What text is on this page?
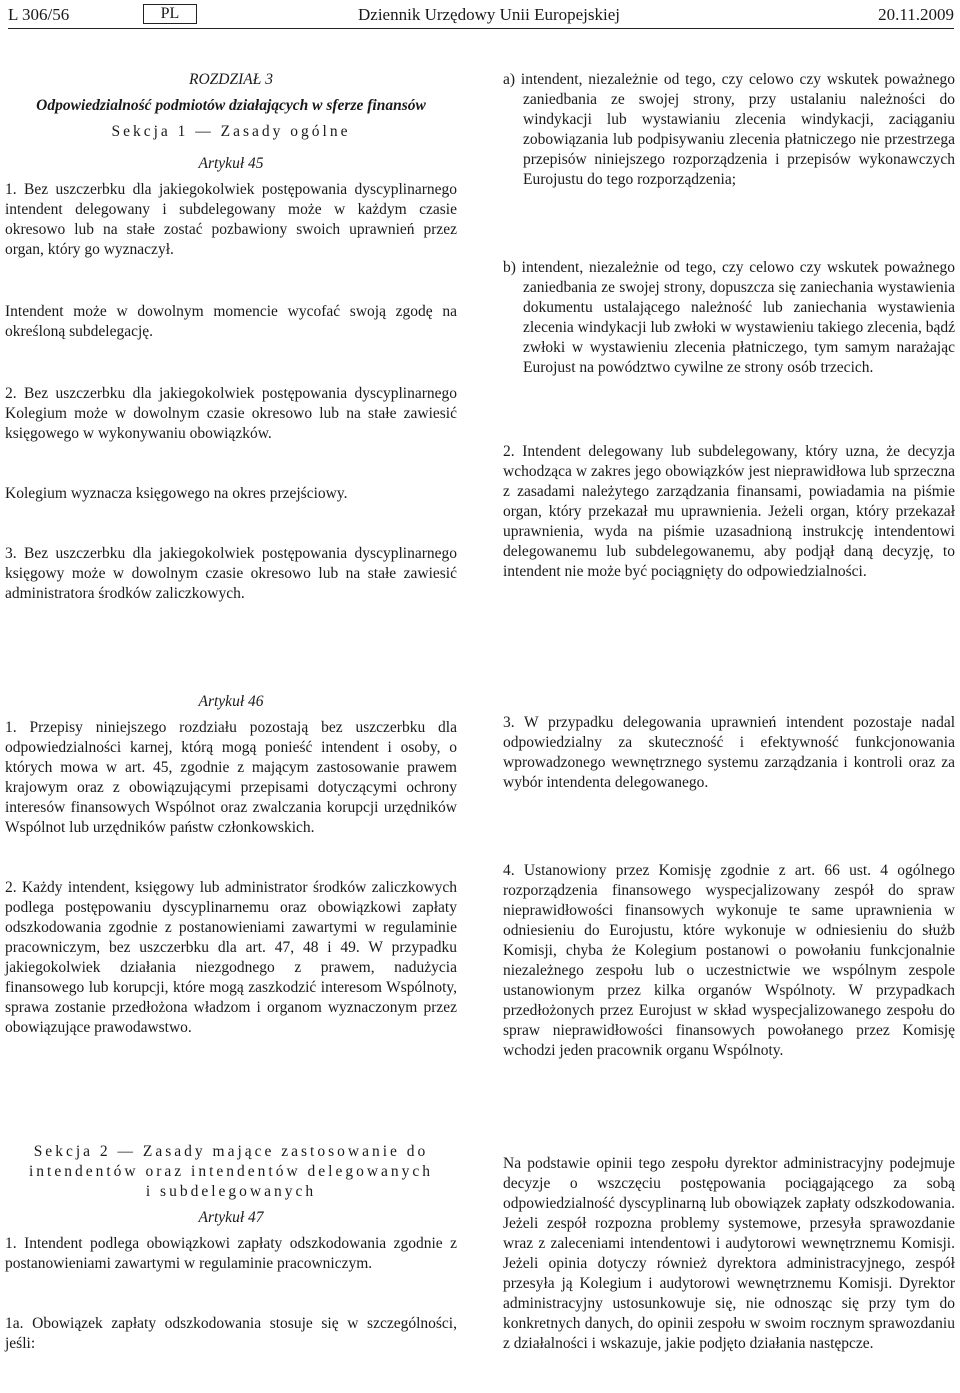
L 306/56	PL	Dziennik Urzędowy Unii Europejskiej	20.11.2009

ROZDZIAŁ 3

Odpowiedzialność podmiotów działających w sferze finansów

Sekcja 1 — Zasady ogólne

Artykuł 45

1. Bez uszczerbku dla jakiegokolwiek postępowania dyscyplinarnego intendent delegowany i subdelegowany może w każdym czasie okresowo lub na stałe zostać pozbawiony swoich uprawnień przez organ, który go wyznaczył.

Intendent może w dowolnym momencie wycofać swoją zgodę na określoną subdelegację.

2. Bez uszczerbku dla jakiegokolwiek postępowania dyscyplinarnego Kolegium może w dowolnym czasie okresowo lub na stałe zawiesić księgowego w wykonywaniu obowiązków.

Kolegium wyznacza księgowego na okres przejściowy.

3. Bez uszczerbku dla jakiegokolwiek postępowania dyscyplinarnego księgowy może w dowolnym czasie okresowo lub na stałe zawiesić administratora środków zaliczkowych.

a) intendent, niezależnie od tego, czy celowo czy wskutek poważnego zaniedbania ze swojej strony, przy ustalaniu należności do windykacji lub wystawianiu zlecenia windykacji, zaciąganiu zobowiązania lub podpisywaniu zlecenia płatniczego nie przestrzega przepisów niniejszego rozporządzenia i przepisów wykonawczych Eurojustu do tego rozporządzenia;

b) intendent, niezależnie od tego, czy celowo czy wskutek poważnego zaniedbania ze swojej strony, dopuszcza się zaniechania wystawienia dokumentu ustalającego należność lub zaniechania wystawienia zlecenia windykacji lub zwłoki w wystawieniu takiego zlecenia, bądź zwłoki w wystawieniu zlecenia płatniczego, tym samym narażając Eurojust na powództwo cywilne ze strony osób trzecich.

2. Intendent delegowany lub subdelegowany, który uzna, że decyzja wchodząca w zakres jego obowiązków jest nieprawidłowa lub sprzeczna z zasadami należytego zarządzania finansami, powiadamia na piśmie organ, który przekazał mu uprawnienia. Jeżeli organ, który przekazał uprawnienia, wyda na piśmie uzasadnioną instrukcję intendentowi delegowanemu lub subdelegowanemu, aby podjął daną decyzję, to intendent nie może być pociągnięty do odpowiedzialności.

Artykuł 46

1. Przepisy niniejszego rozdziału pozostają bez uszczerbku dla odpowiedzialności karnej, którą mogą ponieść intendent i osoby, o których mowa w art. 45, zgodnie z mającym zastosowanie prawem krajowym oraz z obowiązującymi przepisami dotyczącymi ochrony interesów finansowych Wspólnot oraz zwalczania korupcji urzędników Wspólnot lub urzędników państw członkowskich.

2. Każdy intendent, księgowy lub administrator środków zaliczkowych podlega postępowaniu dyscyplinarnemu oraz obowiązkowi zapłaty odszkodowania zgodnie z postanowieniami zawartymi w regulaminie pracowniczym, bez uszczerbku dla art. 47, 48 i 49. W przypadku jakiegokolwiek działania niezgodnego z prawem, nadużycia finansowego lub korupcji, które mogą zaszkodzić interesom Wspólnoty, sprawa zostanie przedłożona władzom i organom wyznaczonym przez obowiązujące prawodawstwo.

3. W przypadku delegowania uprawnień intendent pozostaje nadal odpowiedzialny za skuteczność i efektywność funkcjonowania wprowadzonego wewnętrznego systemu zarządzania i kontroli oraz za wybór intendenta delegowanego.

4. Ustanowiony przez Komisję zgodnie z art. 66 ust. 4 ogólnego rozporządzenia finansowego wyspecjalizowany zespół do spraw nieprawidłowości finansowych wykonuje te same uprawnienia w odniesieniu do Eurojustu, które wykonuje w odniesieniu do służb Komisji, chyba że Kolegium postanowi o powołaniu funkcjonalnie niezależnego zespołu lub o uczestnictwie we wspólnym zespole ustanowionym przez kilka organów Wspólnoty. W przypadkach przedłożonych przez Eurojust w skład wyspecjalizowanego zespołu do spraw nieprawidłowości finansowych powołanego przez Komisję wchodzi jeden pracownik organu Wspólnoty.

Sekcja 2 — Zasady mające zastosowanie do

intendentów oraz intendentów delegowanych

i subdelegowanych

Artykuł 47

1. Intendent podlega obowiązkowi zapłaty odszkodowania zgodnie z postanowieniami zawartymi w regulaminie pracowniczym.

1a. Obowiązek zapłaty odszkodowania stosuje się w szczególności, jeśli:

Na podstawie opinii tego zespołu dyrektor administracyjny podejmuje decyzje o wszczęciu postępowania pociągającego za sobą odpowiedzialność dyscyplinarną lub obowiązek zapłaty odszkodowania. Jeżeli zespół rozpozna problemy systemowe, przesyła sprawozdanie wraz z zaleceniami intendentowi i audytorowi wewnętrznemu Komisji. Jeżeli opinia dotyczy również dyrektora administracyjnego, zespół przesyła ją Kolegium i audytorowi wewnętrznemu Komisji. Dyrektor administracyjny ustosunkowuje się, nie odnosząc się przy tym do konkretnych danych, do opinii zespołu w swoim rocznym sprawozdaniu z działalności i wskazuje, jakie podjęto działania następcze.
